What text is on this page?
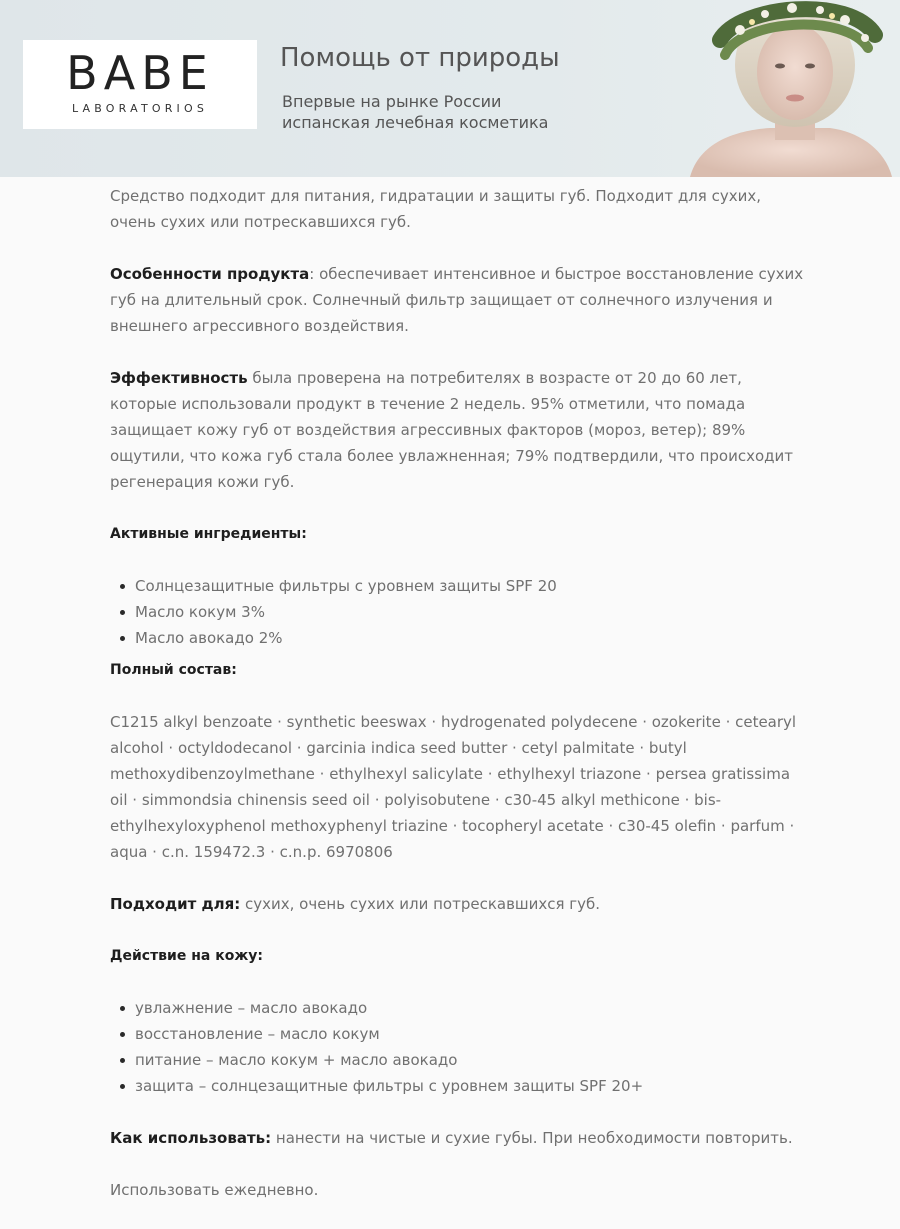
BABE
LABORATORIOS
Помощь от природы
Впервые на рынке России
испанская лечебная косметика

Средство подходит для питания, гидратации и защиты губ. Подходит для сухих, очень сухих или потрескавшихся губ.

Особенности продукта: обеспечивает интенсивное и быстрое восстановление сухих губ на длительный срок. Солнечный фильтр защищает от солнечного излучения и внешнего агрессивного воздействия.

Эффективность была проверена на потребителях в возрасте от 20 до 60 лет, которые использовали продукт в течение 2 недель. 95% отметили, что помада защищает кожу губ от воздействия агрессивных факторов (мороз, ветер); 89% ощутили, что кожа губ стала более увлажненная; 79% подтвердили, что происходит регенерация кожи губ.

Активные ингредиенты:
Солнцезащитные фильтры с уровнем защиты SPF 20
Масло кокум 3%
Масло авокадо 2%
Полный состав:

C1215 alkyl benzoate · synthetic beeswax · hydrogenated polydecene · ozokerite · cetearyl alcohol · octyldodecanol · garcinia indica seed butter · cetyl palmitate · butyl methoxydibenzoylmethane · ethylhexyl salicylate · ethylhexyl triazone · persea gratissima oil · simmondsia chinensis seed oil · polyisobutene · c30-45 alkyl methicone · bis-ethylhexyloxyphenol methoxyphenyl triazine · tocopheryl acetate · c30-45 olefin · parfum · aqua · c.n. 159472.3 · c.n.p. 6970806

Подходит для: сухих, очень сухих или потрескавшихся губ.

Действие на кожу:
увлажнение – масло авокадо
восстановление – масло кокум
питание – масло кокум + масло авокадо
защита – солнцезащитные фильтры с уровнем защиты SPF 20+

Как использовать: нанести на чистые и сухие губы. При необходимости повторить.

Использовать ежедневно.
